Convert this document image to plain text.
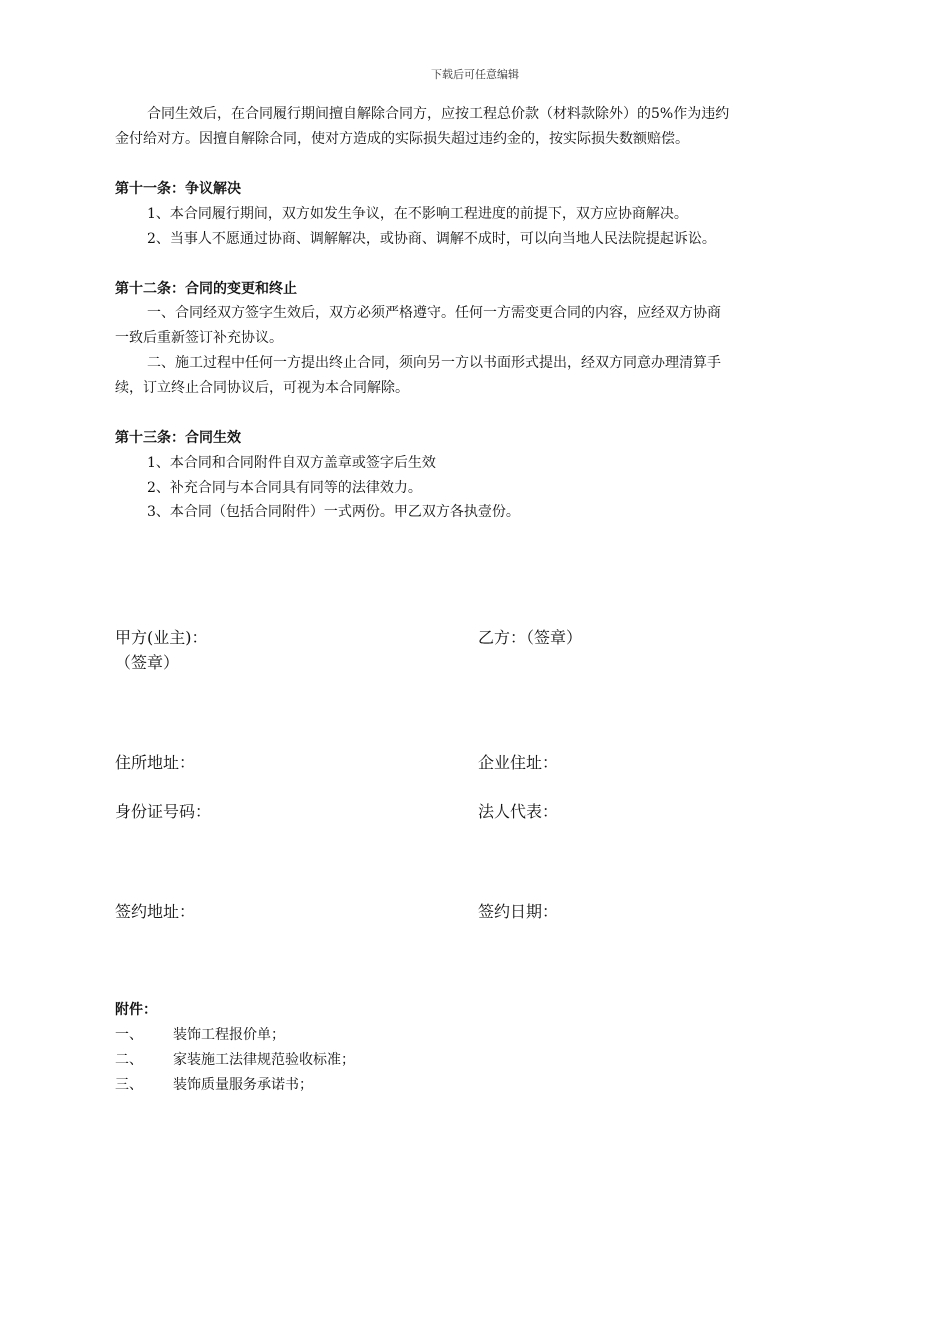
下载后可任意编辑
合同生效后，在合同履行期间擅自解除合同方，应按工程总价款（材料款除外）的5%作为违约
金付给对方。因擅自解除合同，使对方造成的实际损失超过违约金的，按实际损失数额赔偿。
第十一条：争议解决
1、本合同履行期间，双方如发生争议，在不影响工程进度的前提下，双方应协商解决。
2、当事人不愿通过协商、调解解决，或协商、调解不成时，可以向当地人民法院提起诉讼。
第十二条：合同的变更和终止
一、合同经双方签字生效后，双方必须严格遵守。任何一方需变更合同的内容，应经双方协商
一致后重新签订补充协议。
二、施工过程中任何一方提出终止合同，须向另一方以书面形式提出，经双方同意办理清算手
续，订立终止合同协议后，可视为本合同解除。
第十三条：合同生效
1、本合同和合同附件自双方盖章或签字后生效
2、补充合同与本合同具有同等的法律效力。
3、本合同（包括合同附件）一式两份。甲乙双方各执壹份。
甲方(业主)：	乙方：（签章）
（签章）
住所地址：	企业住址：
身份证号码：	法人代表：
签约地址：	签约日期：
附件：
一、 装饰工程报价单；
二、 家装施工法律规范验收标准；
三、 装饰质量服务承诺书；
